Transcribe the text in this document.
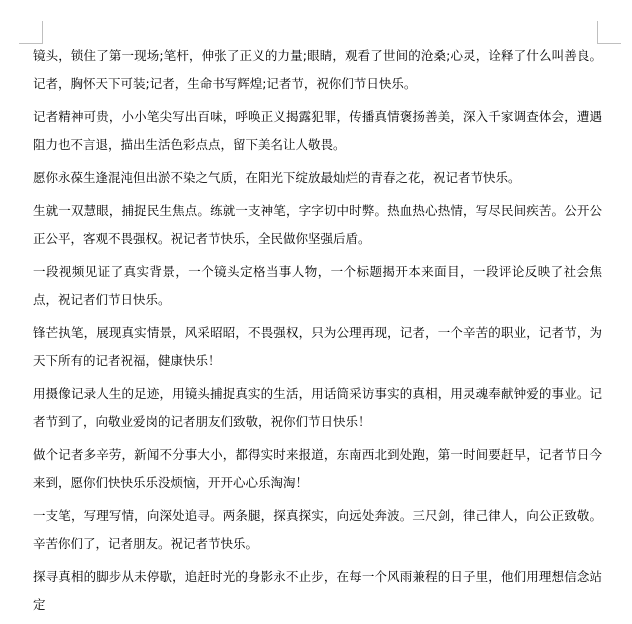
镜头，锁住了第一现场;笔杆，伸张了正义的力量;眼睛，观看了世间的沧桑;心灵，诠释了什么叫善良。记者，胸怀天下可装;记者，生命书写辉煌;记者节，祝你们节日快乐。

记者精神可贵，小小笔尖写出百味，呼唤正义揭露犯罪，传播真情褒扬善美，深入千家调查体会，遭遇阻力也不言退，描出生活色彩点点，留下美名让人敬畏。

愿你永葆生逢混沌但出淤不染之气质，在阳光下绽放最灿烂的青春之花，祝记者节快乐。

生就一双慧眼，捕捉民生焦点。练就一支神笔，字字切中时弊。热血热心热情，写尽民间疾苦。公开公正公平，客观不畏强权。祝记者节快乐，全民做你坚强后盾。

一段视频见证了真实背景，一个镜头定格当事人物，一个标题揭开本来面目，一段评论反映了社会焦点，祝记者们节日快乐。

锋芒执笔，展现真实情景，风采昭昭，不畏强权，只为公理再现，记者，一个辛苦的职业，记者节，为天下所有的记者祝福，健康快乐！

用摄像记录人生的足迹，用镜头捕捉真实的生活，用话筒采访事实的真相，用灵魂奉献钟爱的事业。记者节到了，向敬业爱岗的记者朋友们致敬，祝你们节日快乐！

做个记者多辛劳，新闻不分事大小，都得实时来报道，东南西北到处跑，第一时间要赶早，记者节日今来到，愿你们快快乐乐没烦恼，开开心心乐淘淘！

一支笔，写理写情，向深处追寻。两条腿，探真探实，向远处奔波。三尺剑，律己律人，向公正致敬。辛苦你们了，记者朋友。祝记者节快乐。

探寻真相的脚步从未停歇，追赶时光的身影永不止步，在每一个风雨兼程的日子里，他们用理想信念站定
